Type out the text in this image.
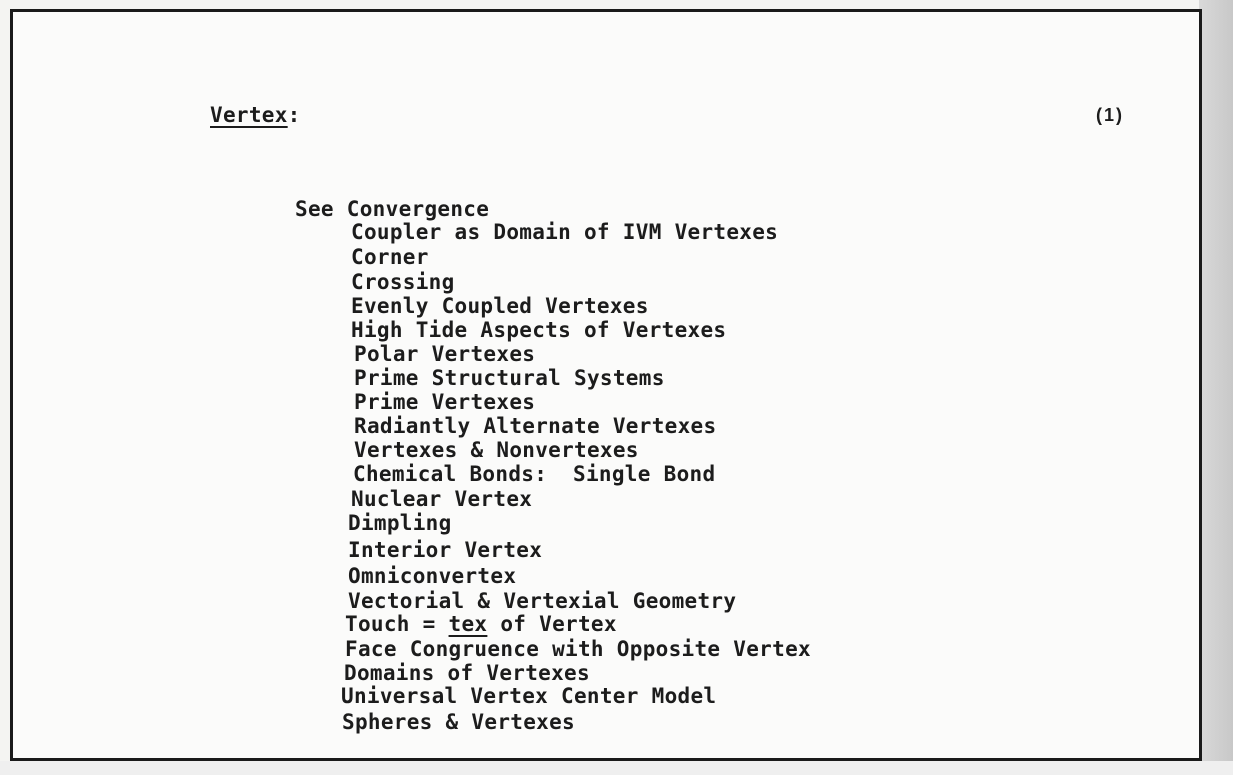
Vertex:	(1)
See Convergence
Coupler as Domain of IVM Vertexes
Corner
Crossing
Evenly Coupled Vertexes
High Tide Aspects of Vertexes
Polar Vertexes
Prime Structural Systems
Prime Vertexes
Radiantly Alternate Vertexes
Vertexes & Nonvertexes
Chemical Bonds:  Single Bond
Nuclear Vertex
Dimpling
Interior Vertex
Omniconvertex
Vectorial & Vertexial Geometry
Touch = tex of Vertex
Face Congruence with Opposite Vertex
Domains of Vertexes
Universal Vertex Center Model
Spheres & Vertexes
